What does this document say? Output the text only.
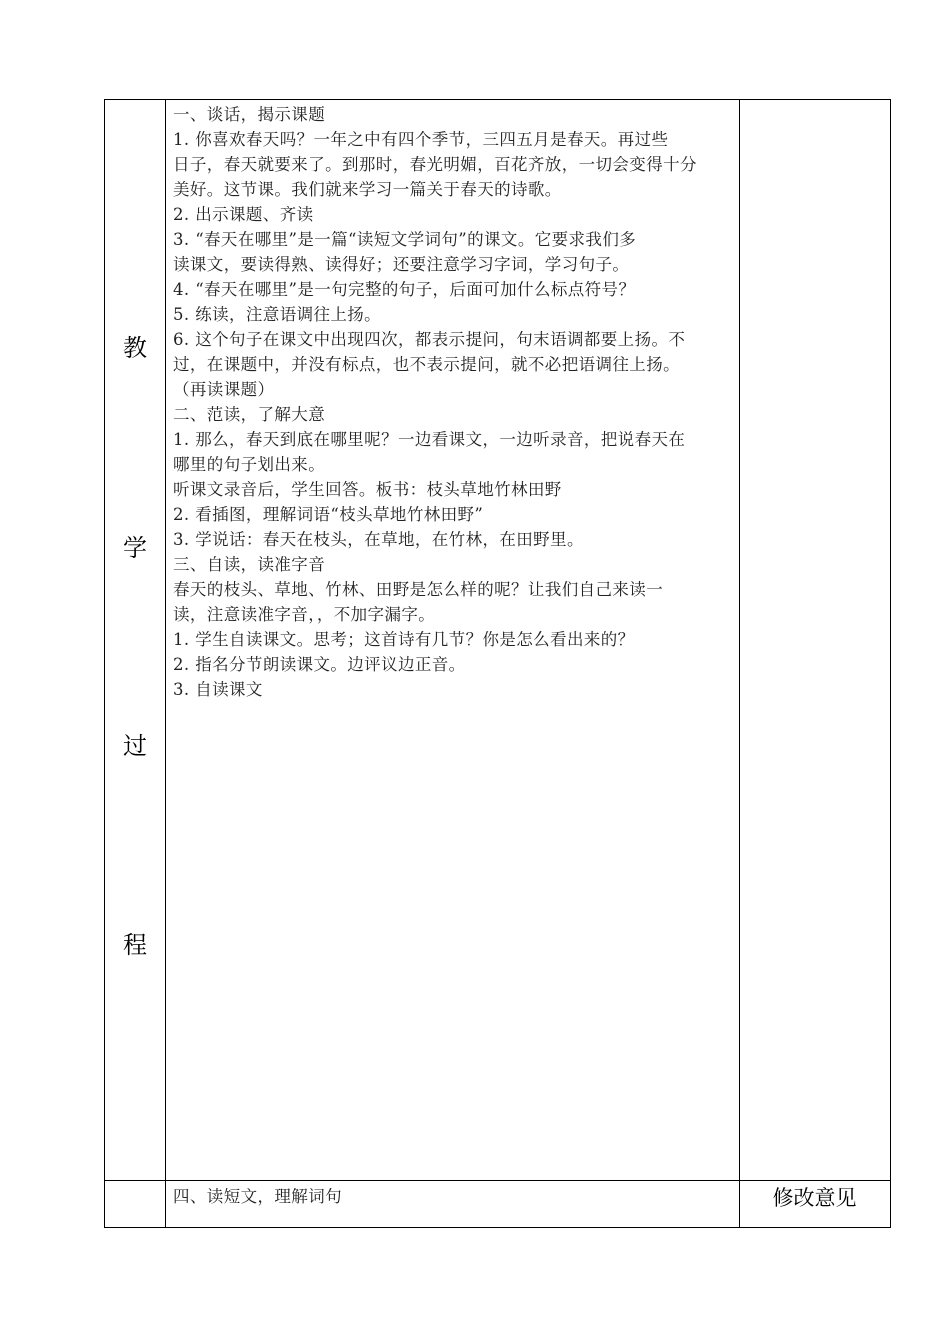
教
学
过
程

一、谈话，揭示课题

1. 你喜欢春天吗？一年之中有四个季节，三四五月是春天。再过些

日子，春天就要来了。到那时，春光明媚，百花齐放，一切会变得十分

美好。这节课。我们就来学习一篇关于春天的诗歌。

2. 出示课题、齐读

3. “春天在哪里”是一篇“读短文学词句”的课文。它要求我们多

读课文，要读得熟、读得好；还要注意学习字词，学习句子。

4. “春天在哪里”是一句完整的句子，后面可加什么标点符号？

5. 练读，注意语调往上扬。

6. 这个句子在课文中出现四次，都表示提问，句末语调都要上扬。不

过，在课题中，并没有标点，也不表示提问，就不必把语调往上扬。

（再读课题）

二、范读，了解大意

1. 那么，春天到底在哪里呢？一边看课文，一边听录音，把说春天在

哪里的句子划出来。

听课文录音后，学生回答。板书：枝头草地竹林田野

2. 看插图，理解词语“枝头草地竹林田野”

3. 学说话：春天在枝头，在草地，在竹林，在田野里。

三、自读，读准字音

春天的枝头、草地、竹林、田野是怎么样的呢？让我们自己来读一

读，注意读准字音，，不加字漏字。

1. 学生自读课文。思考；这首诗有几节？你是怎么看出来的？

2. 指名分节朗读课文。边评议边正音。

3. 自读课文

四、读短文，理解词句	修改意见
